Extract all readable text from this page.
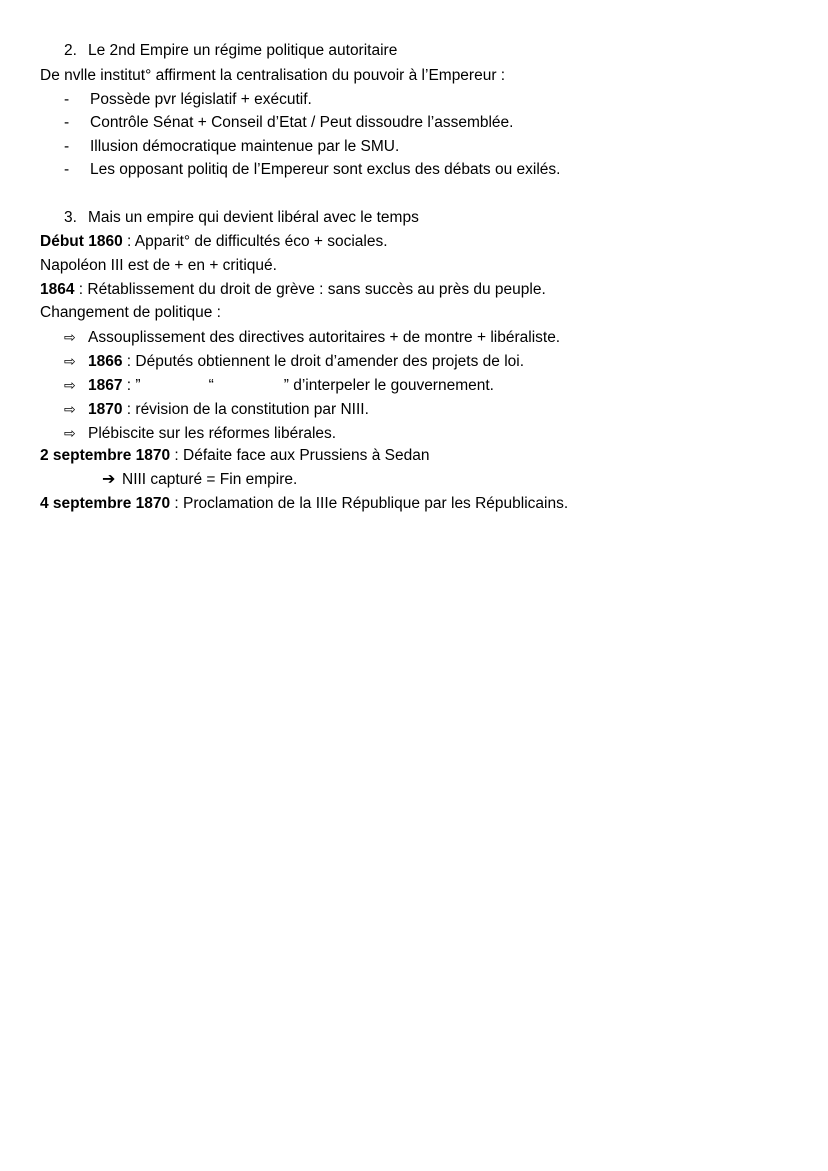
2. Le 2nd Empire un régime politique autoritaire
De nvlle institut° affirment la centralisation du pouvoir à l’Empereur :
- Possède pvr législatif + exécutif.
- Contrôle Sénat + Conseil d’Etat / Peut dissoudre l’assemblée.
- Illusion démocratique maintenue par le SMU.
- Les opposant politiq de l’Empereur sont exclus des débats ou exilés.
3. Mais un empire qui devient libéral avec le temps
Début 1860 : Apparit° de difficultés éco + sociales.
Napoléon III est de + en + critiqué.
1864 : Rétablissement du droit de grève : sans succès au près du peuple.
Changement de politique :
⇨ Assouplissement des directives autoritaires + de montre + libéraliste.
⇨ 1866 : Députés obtiennent le droit d’amender des projets de loi.
⇨ 1867 : ”	“	” d’interpeler le gouvernement.
⇨ 1870 : révision de la constitution par NIII.
⇨ Plébiscite sur les réformes libérales.
2 septembre 1870 : Défaite face aux Prussiens à Sedan
➔ NIII capturé = Fin empire.
4 septembre 1870 : Proclamation de la IIIe République par les Républicains.
